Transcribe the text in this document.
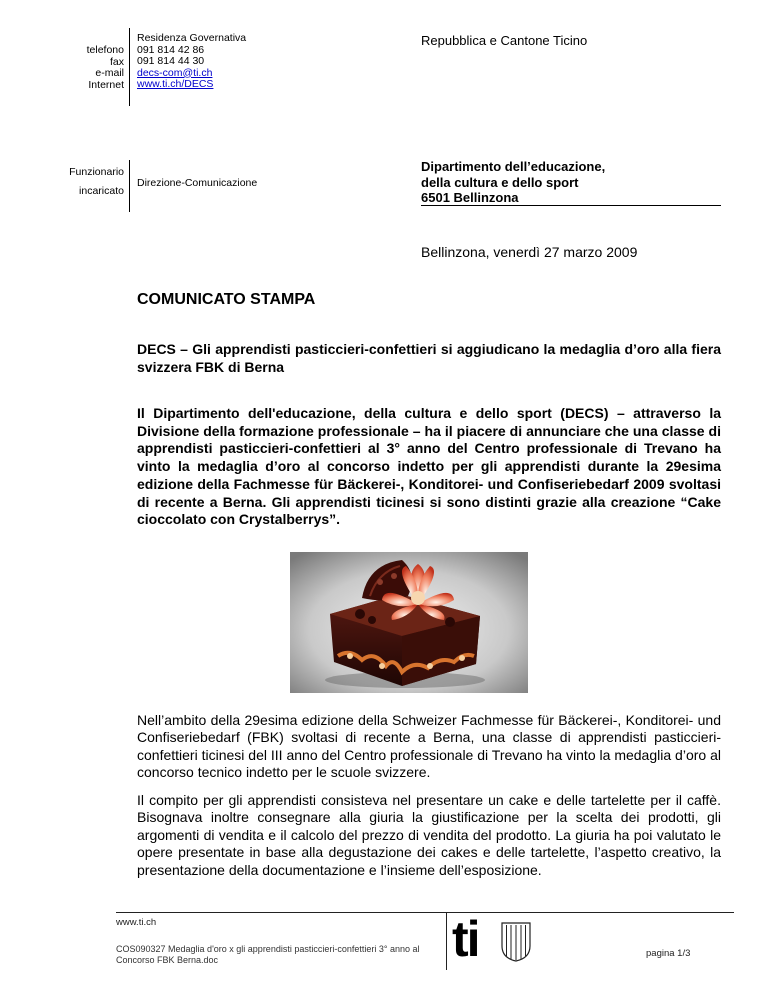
telefono
fax
e-mail
Internet
Residenza Governativa
091 814 42 86
091 814 44 30
decs-com@ti.ch
www.ti.ch/DECS
Funzionario
incaricato
Direzione-Comunicazione
Repubblica e Cantone Ticino
Dipartimento dell’educazione,
della cultura e dello sport
6501 Bellinzona
Bellinzona, venerdì 27 marzo 2009
COMUNICATO STAMPA
DECS – Gli apprendisti pasticcieri-confettieri si aggiudicano la medaglia d’oro alla fiera svizzera FBK di Berna
Il Dipartimento dell'educazione, della cultura e dello sport (DECS) – attraverso la Divisione della formazione professionale – ha il piacere di annunciare che una classe di apprendisti pasticcieri-confettieri al 3° anno del Centro professionale di Trevano ha vinto la medaglia d’oro al concorso indetto per gli apprendisti durante la 29esima edizione della Fachmesse für Bäckerei-, Konditorei- und Confiseriebedarf 2009 svoltasi di recente a Berna. Gli apprendisti ticinesi si sono distinti grazie alla creazione “Cake cioccolato con Crystalberrys”.
Nell’ambito della 29esima edizione della Schweizer Fachmesse für Bäckerei-, Konditorei- und Confiseriebedarf (FBK) svoltasi di recente a Berna, una classe di apprendisti pasticcieri-confettieri ticinesi del III anno del Centro professionale di Trevano ha vinto la medaglia d’oro al concorso tecnico indetto per le scuole svizzere.
Il compito per gli apprendisti consisteva nel presentare un cake e delle tartelette per il caffè. Bisognava inoltre consegnare alla giuria la giustificazione per la scelta dei prodotti, gli argomenti di vendita e il calcolo del prezzo di vendita del prodotto. La giuria ha poi valutato le opere presentate in base alla degustazione dei cakes e delle tartelette, l’aspetto creativo, la presentazione della documentazione e l’insieme dell’esposizione.
www.ti.ch
COS090327 Medaglia d'oro x gli apprendisti pasticcieri-confettieri 3° anno al
Concorso FBK Berna.doc	ti	pagina 1/3
